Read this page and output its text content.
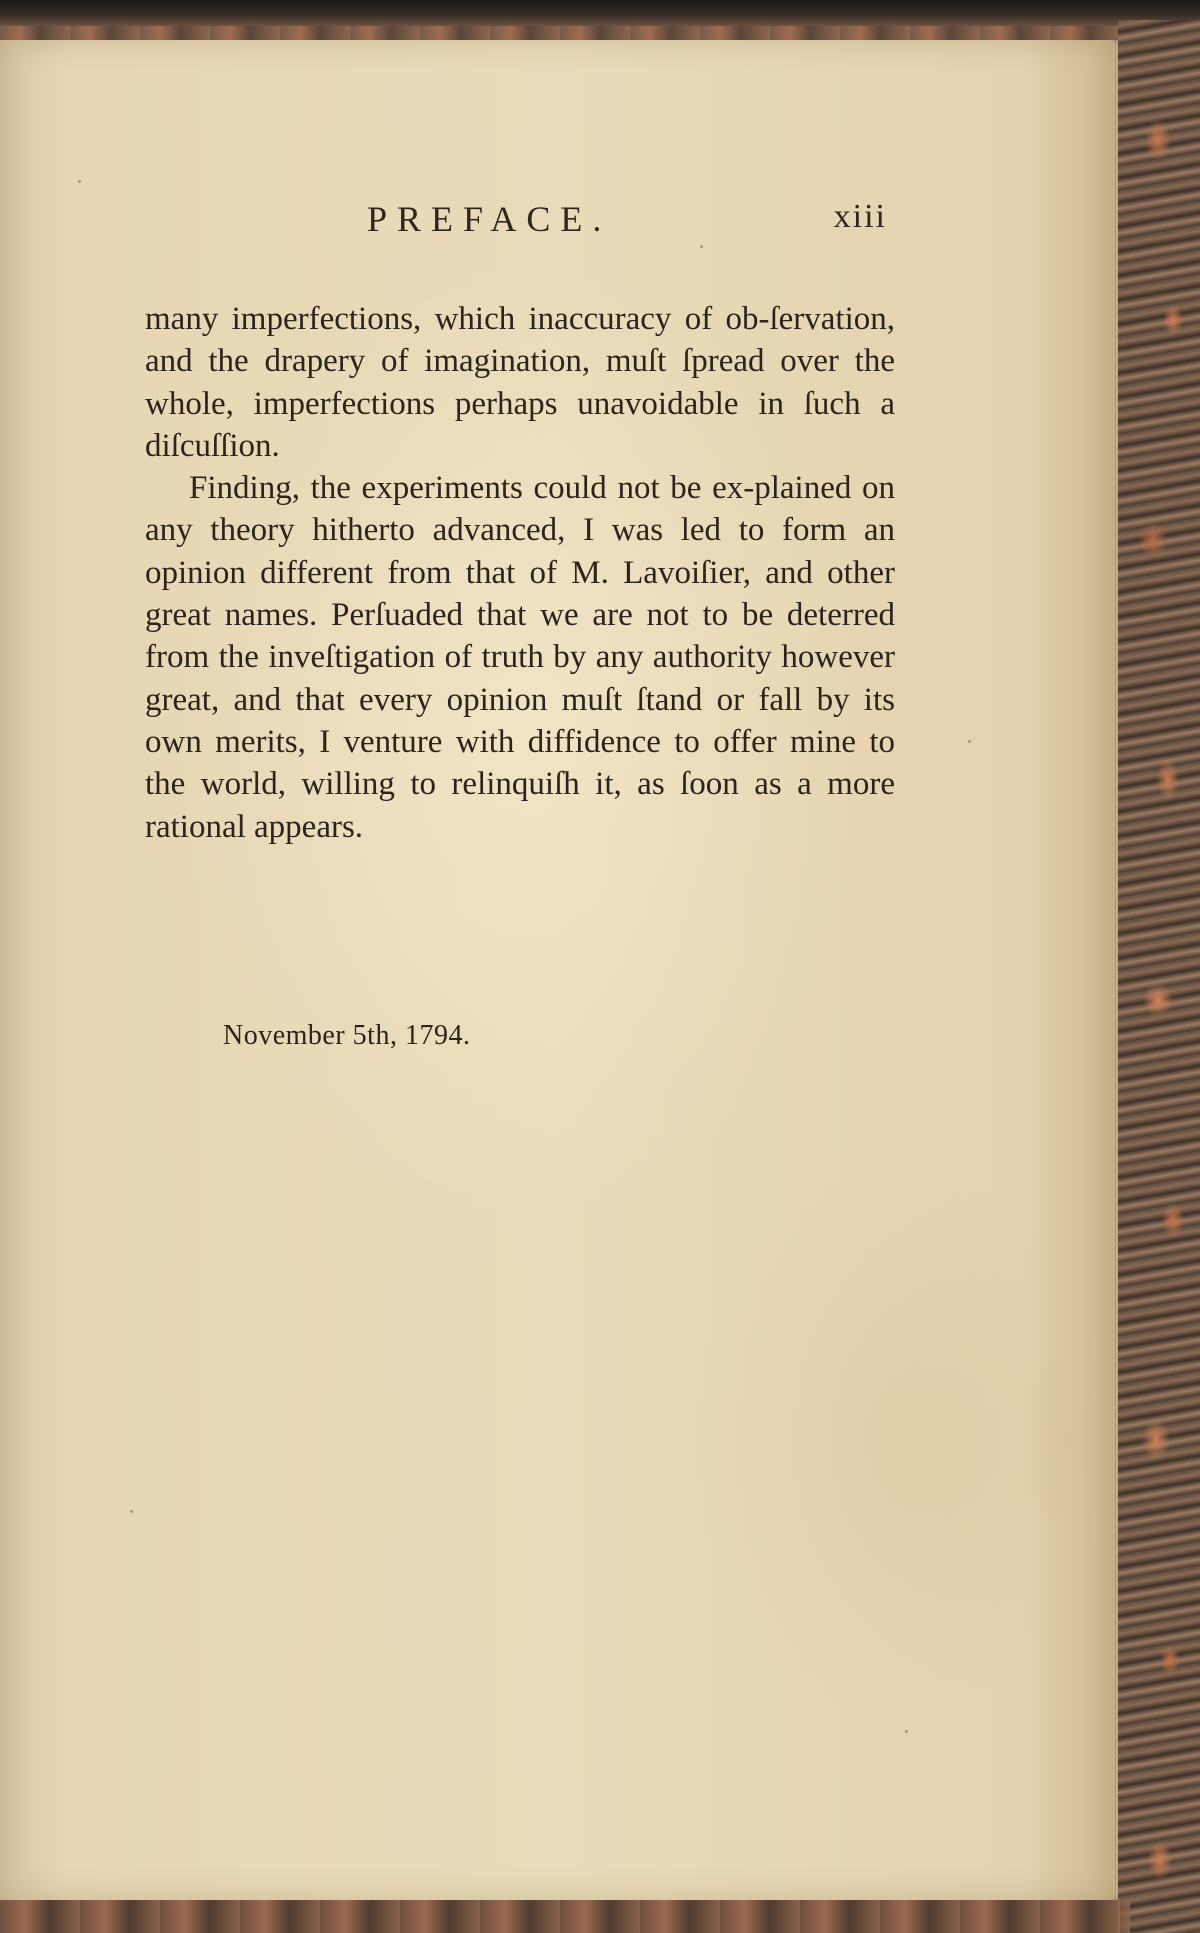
PREFACE.	xiii

many imperfections, which inaccuracy of ob-ſervation, and the drapery of imagination, muſt ſpread over the whole, imperfections perhaps unavoidable in ſuch a diſcuſſion.

Finding, the experiments could not be ex-plained on any theory hitherto advanced, I was led to form an opinion different from that of M. Lavoiſier, and other great names. Perſuaded that we are not to be deterred from the inveſtigation of truth by any authority however great, and that every opinion muſt ſtand or fall by its own merits, I venture with diffidence to offer mine to the world, willing to relinquiſh it, as ſoon as a more rational appears.

November 5th, 1794.
